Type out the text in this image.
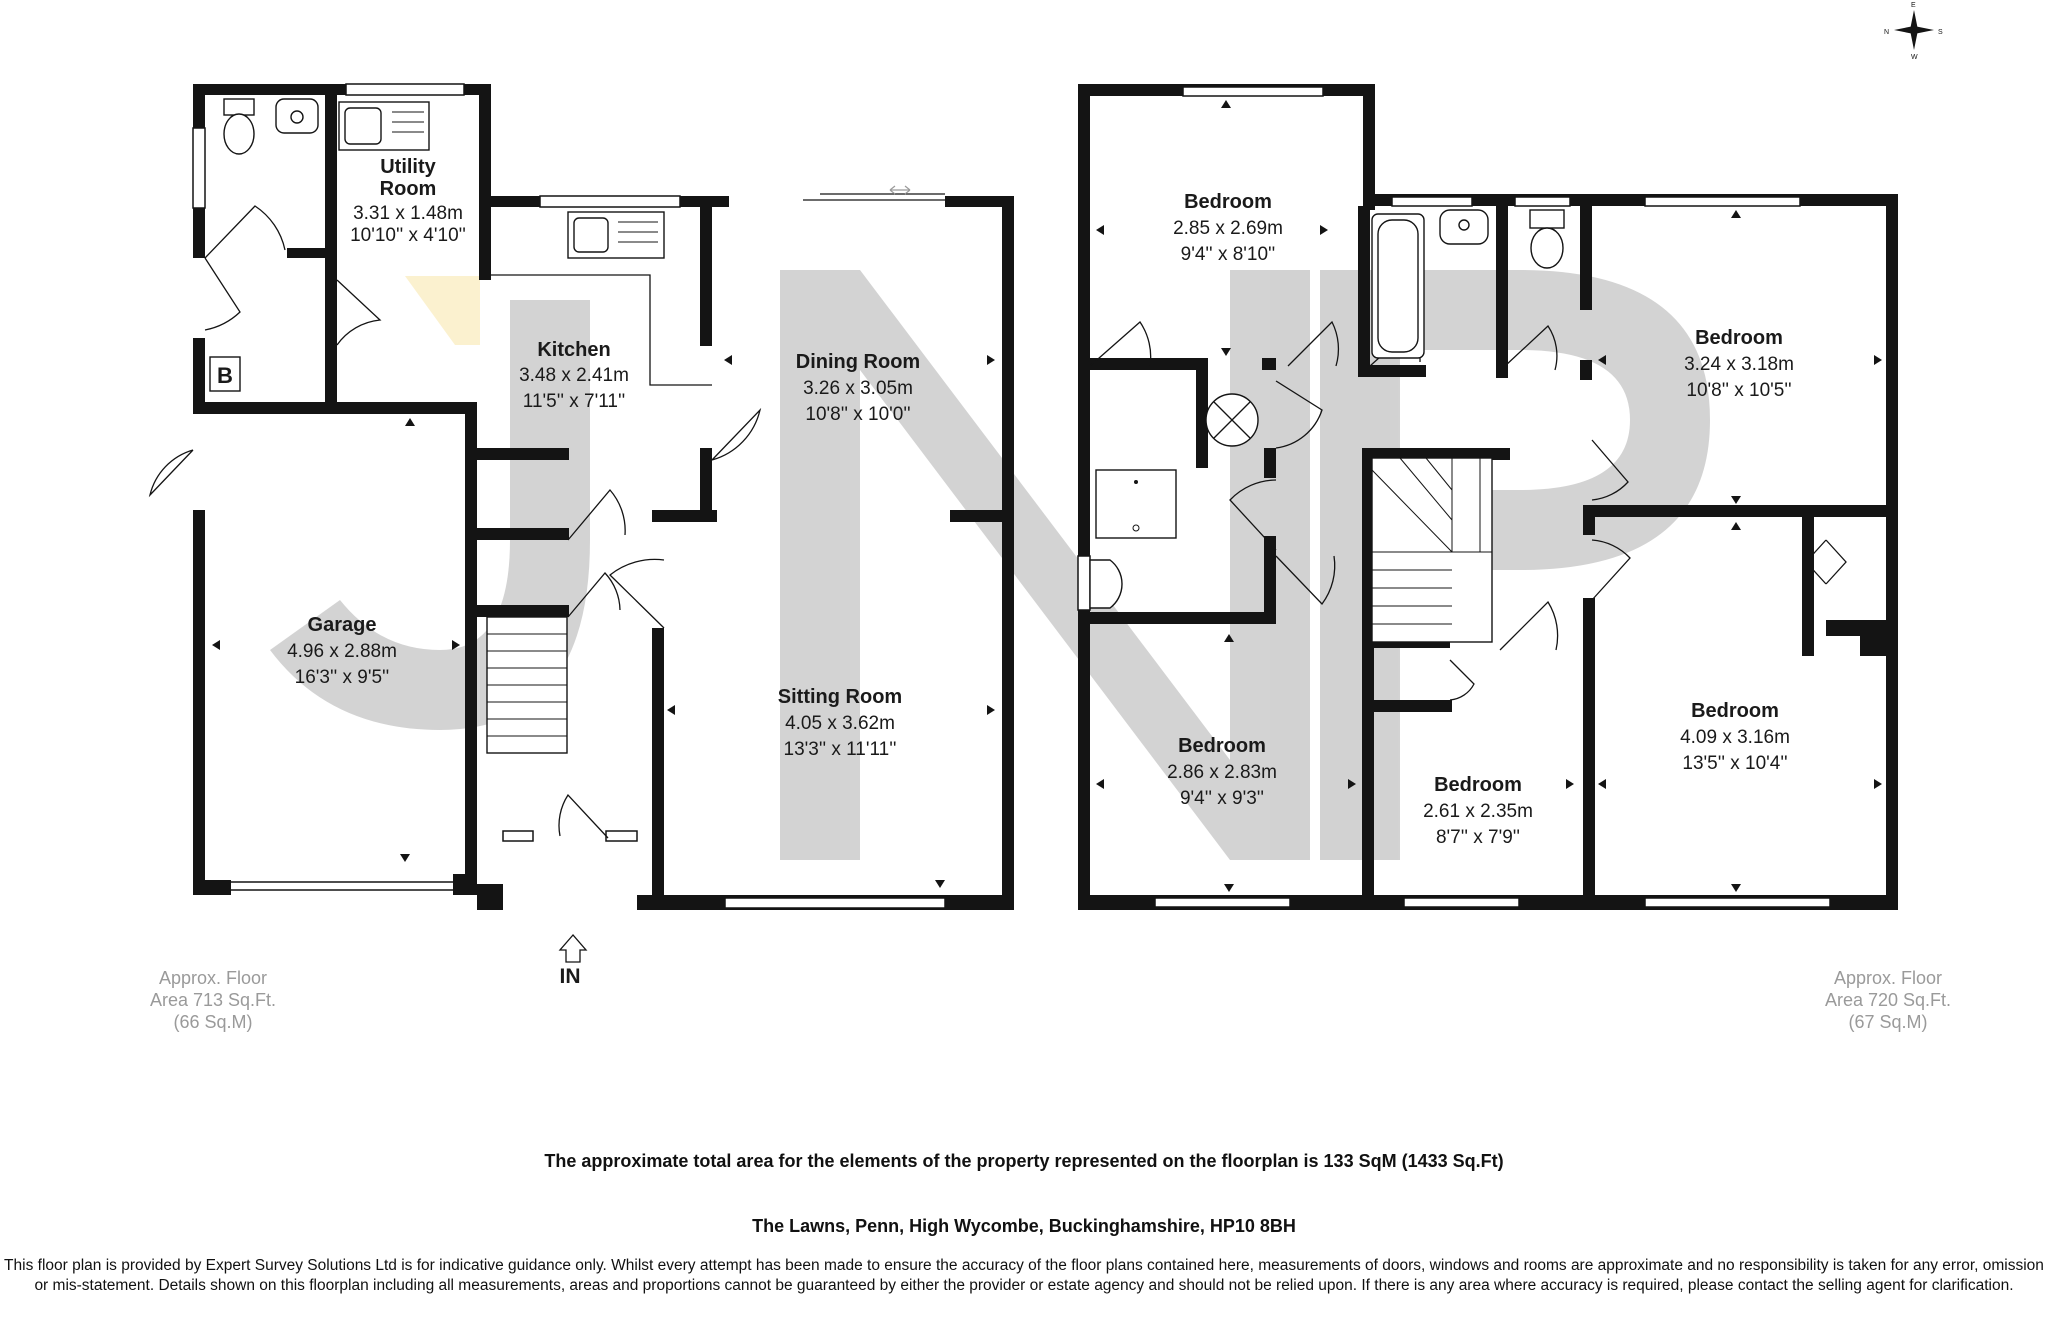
N	S
E
W
Utility
Room
3.31 x 1.48m
10'10'' x 4'10''
Kitchen
3.48 x 2.41m
11'5'' x 7'11''
Dining Room
3.26 x 3.05m
10'8'' x 10'0''
Garage
4.96 x 2.88m
16'3'' x 9'5''
Sitting Room
4.05 x 3.62m
13'3'' x 11'11''
Bedroom
2.85 x 2.69m
9'4'' x 8'10''
Bedroom
3.24 x 3.18m
10'8'' x 10'5''
Bedroom
2.86 x 2.83m
9'4'' x 9'3''
Bedroom
2.61 x 2.35m
8'7'' x 7'9''
Bedroom
4.09 x 3.16m
13'5'' x 10'4''
B
IN
Approx. Floor
Area 713 Sq.Ft.
(66 Sq.M)
Approx. Floor
Area 720 Sq.Ft.
(67 Sq.M)
The approximate total area for the elements of the property represented on the floorplan is 133 SqM (1433 Sq.Ft)
The Lawns, Penn, High Wycombe, Buckinghamshire, HP10 8BH
This floor plan is provided by Expert Survey Solutions Ltd is for indicative guidance only. Whilst every attempt has been made to ensure the accuracy of the floor plans contained here, measurements of doors, windows and rooms are approximate and no responsibility is taken for any error, omission or mis-statement. Details shown on this floorplan including all measurements, areas and proportions cannot be guaranteed by either the provider or estate agency and should not be relied upon. If there is any area where accuracy is required, please contact the selling agent for clarification.
